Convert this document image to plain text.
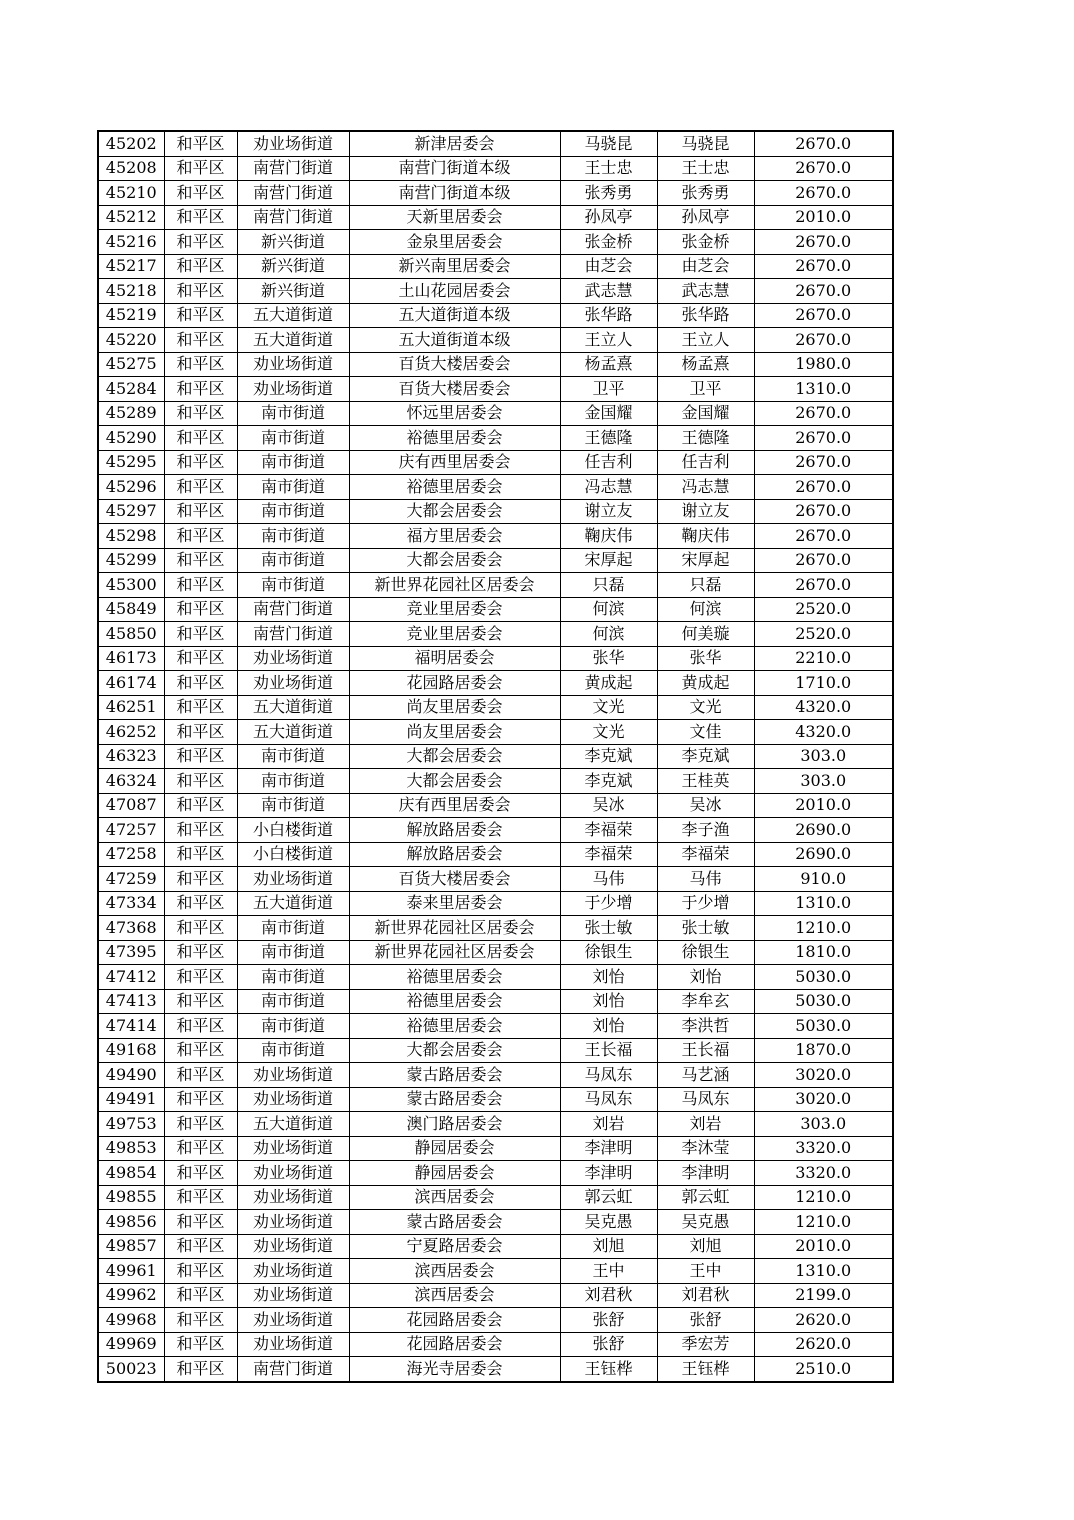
45202	和平区	劝业场街道	新津居委会	马骁昆	马骁昆	2670.0
45208	和平区	南营门街道	南营门街道本级	王士忠	王士忠	2670.0
45210	和平区	南营门街道	南营门街道本级	张秀勇	张秀勇	2670.0
45212	和平区	南营门街道	天新里居委会	孙凤亭	孙凤亭	2010.0
45216	和平区	新兴街道	金泉里居委会	张金桥	张金桥	2670.0
45217	和平区	新兴街道	新兴南里居委会	由芝会	由芝会	2670.0
45218	和平区	新兴街道	土山花园居委会	武志慧	武志慧	2670.0
45219	和平区	五大道街道	五大道街道本级	张华路	张华路	2670.0
45220	和平区	五大道街道	五大道街道本级	王立人	王立人	2670.0
45275	和平区	劝业场街道	百货大楼居委会	杨孟熹	杨孟熹	1980.0
45284	和平区	劝业场街道	百货大楼居委会	卫平	卫平	1310.0
45289	和平区	南市街道	怀远里居委会	金国耀	金国耀	2670.0
45290	和平区	南市街道	裕德里居委会	王德隆	王德隆	2670.0
45295	和平区	南市街道	庆有西里居委会	任吉利	任吉利	2670.0
45296	和平区	南市街道	裕德里居委会	冯志慧	冯志慧	2670.0
45297	和平区	南市街道	大都会居委会	谢立友	谢立友	2670.0
45298	和平区	南市街道	福方里居委会	鞠庆伟	鞠庆伟	2670.0
45299	和平区	南市街道	大都会居委会	宋厚起	宋厚起	2670.0
45300	和平区	南市街道	新世界花园社区居委会	只磊	只磊	2670.0
45849	和平区	南营门街道	竞业里居委会	何滨	何滨	2520.0
45850	和平区	南营门街道	竞业里居委会	何滨	何美璇	2520.0
46173	和平区	劝业场街道	福明居委会	张华	张华	2210.0
46174	和平区	劝业场街道	花园路居委会	黄成起	黄成起	1710.0
46251	和平区	五大道街道	尚友里居委会	文光	文光	4320.0
46252	和平区	五大道街道	尚友里居委会	文光	文佳	4320.0
46323	和平区	南市街道	大都会居委会	李克斌	李克斌	303.0
46324	和平区	南市街道	大都会居委会	李克斌	王桂英	303.0
47087	和平区	南市街道	庆有西里居委会	吴冰	吴冰	2010.0
47257	和平区	小白楼街道	解放路居委会	李福荣	李子渔	2690.0
47258	和平区	小白楼街道	解放路居委会	李福荣	李福荣	2690.0
47259	和平区	劝业场街道	百货大楼居委会	马伟	马伟	910.0
47334	和平区	五大道街道	泰来里居委会	于少增	于少增	1310.0
47368	和平区	南市街道	新世界花园社区居委会	张士敏	张士敏	1210.0
47395	和平区	南市街道	新世界花园社区居委会	徐银生	徐银生	1810.0
47412	和平区	南市街道	裕德里居委会	刘怡	刘怡	5030.0
47413	和平区	南市街道	裕德里居委会	刘怡	李牟玄	5030.0
47414	和平区	南市街道	裕德里居委会	刘怡	李洪哲	5030.0
49168	和平区	南市街道	大都会居委会	王长福	王长福	1870.0
49490	和平区	劝业场街道	蒙古路居委会	马凤东	马艺涵	3020.0
49491	和平区	劝业场街道	蒙古路居委会	马凤东	马凤东	3020.0
49753	和平区	五大道街道	澳门路居委会	刘岩	刘岩	303.0
49853	和平区	劝业场街道	静园居委会	李津明	李沐莹	3320.0
49854	和平区	劝业场街道	静园居委会	李津明	李津明	3320.0
49855	和平区	劝业场街道	滨西居委会	郭云虹	郭云虹	1210.0
49856	和平区	劝业场街道	蒙古路居委会	吴克愚	吴克愚	1210.0
49857	和平区	劝业场街道	宁夏路居委会	刘旭	刘旭	2010.0
49961	和平区	劝业场街道	滨西居委会	王中	王中	1310.0
49962	和平区	劝业场街道	滨西居委会	刘君秋	刘君秋	2199.0
49968	和平区	劝业场街道	花园路居委会	张舒	张舒	2620.0
49969	和平区	劝业场街道	花园路居委会	张舒	季宏芳	2620.0
50023	和平区	南营门街道	海光寺居委会	王钰桦	王钰桦	2510.0
